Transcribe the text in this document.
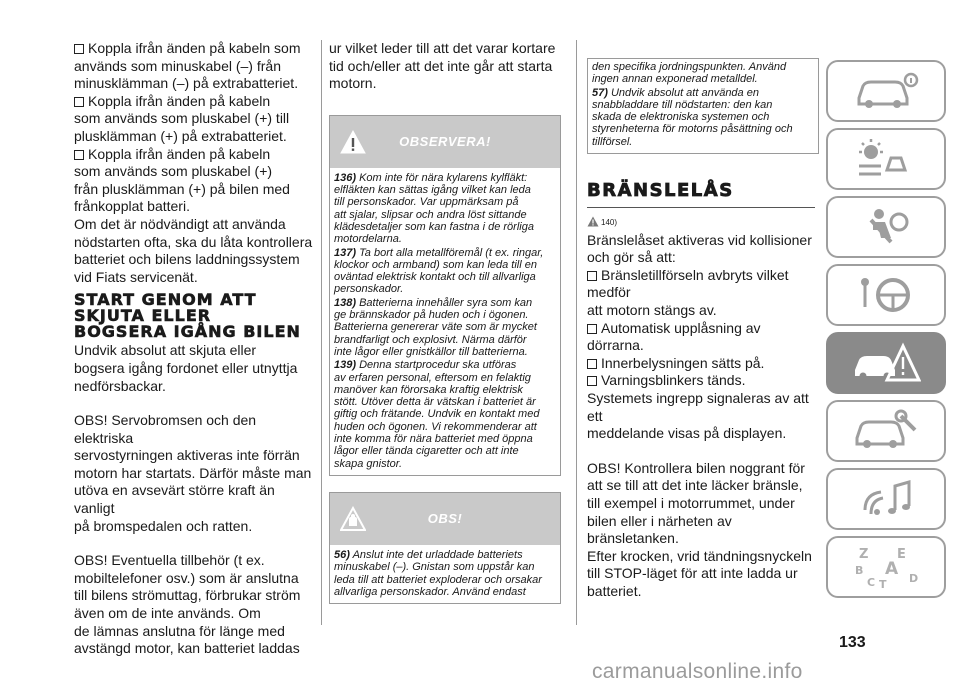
Koppla ifrån änden på kabeln som
används som minuskabel (–) från
minusklämman (–) på extrabatteriet.
Koppla ifrån änden på kabeln
som används som pluskabel (+) till
plusklämman (+) på extrabatteriet.
Koppla ifrån änden på kabeln
som används som pluskabel (+)
från plusklämman (+) på bilen med
frånkopplat batteri.
Om det är nödvändigt att använda
nödstarten ofta, ska du låta kontrollera
batteriet och bilens laddningssystem
vid Fiats servicenät.
START GENOM ATT
SKJUTA ELLER
BOGSERA IGÅNG BILEN
Undvik absolut att skjuta eller
bogsera igång fordonet eller utnyttja
nedförsbackar.
OBS! Servobromsen och den elektriska
servostyrningen aktiveras inte förrän
motorn har startats. Därför måste man
utöva en avsevärt större kraft än vanligt
på bromspedalen och ratten.
OBS! Eventuella tillbehör (t ex.
mobiltelefoner osv.) som är anslutna
till bilens strömuttag, förbrukar ström
även om de inte används. Om
de lämnas anslutna för länge med
avstängd motor, kan batteriet laddas
ur vilket leder till att det varar kortare
tid och/eller att det inte går att starta
motorn.
OBSERVERA!

136) Kom inte för nära kylarens kylfläkt:
elfläkten kan sättas igång vilket kan leda
till personskador. Var uppmärksam på
att sjalar, slipsar och andra löst sittande
klädesdetaljer som kan fastna i de rörliga
motordelarna.

137) Ta bort alla metallföremål (t ex. ringar,
klockor och armband) som kan leda till en
oväntad elektrisk kontakt och till allvarliga
personskador.

138) Batterierna innehåller syra som kan
ge brännskador på huden och i ögonen.
Batterierna genererar väte som är mycket
brandfarligt och explosivt. Närma därför
inte lågor eller gnistkällor till batterierna.

139) Denna startprocedur ska utföras
av erfaren personal, eftersom en felaktig
manöver kan förorsaka kraftig elektrisk
stött. Utöver detta är vätskan i batteriet är
giftig och frätande. Undvik en kontakt med
huden och ögonen. Vi rekommenderar att
inte komma för nära batteriet med öppna
lågor eller tända cigaretter och att inte
skapa gnistor.

OBS!

56) Anslut inte det urladdade batteriets
minuskabel (–). Gnistan som uppstår kan
leda till att batteriet exploderar och orsakar
allvarliga personskador. Använd endast

den specifika jordningspunkten. Använd
ingen annan exponerad metalldel.

57) Undvik absolut att använda en
snabbladdare till nödstarten: den kan
skada de elektroniska systemen och
styrenheterna för motorns påsättning och
tillförsel.

BRÄNSLELÅS
140)
Bränslelåset aktiveras vid kollisioner
och gör så att:
Bränsletillförseln avbryts vilket medför
att motorn stängs av.
Automatisk upplåsning av dörrarna.
Innerbelysningen sätts på.
Varningsblinkers tänds.
Systemets ingrepp signaleras av att ett
meddelande visas på displayen.
OBS! Kontrollera bilen noggrant för
att se till att det inte läcker bränsle,
till exempel i motorrummet, under
bilen eller i närheten av bränsletanken.
Efter krocken, vrid tändningsnyckeln
till STOP-läget för att inte ladda ur
batteriet.
Z E
B A
C T D
133
carmanualsonline.info
